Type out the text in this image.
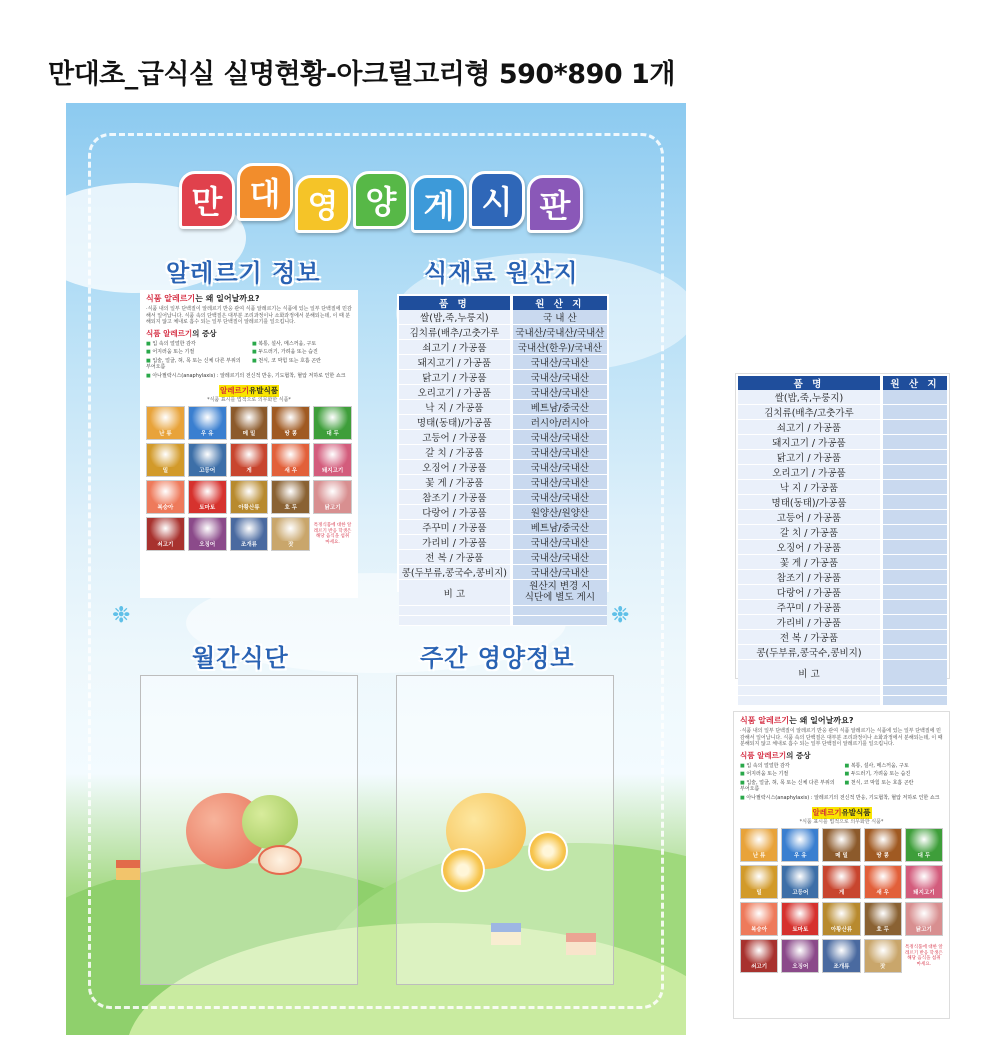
만대초_급식실 실명현황-아크릴고리형 590*890 1개
만 대 영 양 게 시 판
알레르기 정보	식재료 원산지
월간식단	주간 영양정보
❉	❉
식품 알레르기는 왜 일어날까요?
·식품 내의 일부 단백질이 알레르기 반응 관여 식품 알레르기는 식품에 있는 일부 단백질에 민감해서 일어납니다. 식품 속의 단백질은 대부분 조리과정이나 소화과정에서 분해되는데, 이 때 분해되지 않고 체내로 흡수 되는 일부 단백질이 알레르기를 일으킵니다.
식품 알레르기의 증상
■ 입 속의 얼얼한 감각	■ 복통, 설사, 메스꺼움, 구토
■ 어지러움 또는 기절	■ 두드러기, 가려움 또는 습진
■ 입술, 얼굴, 혀, 목 또는 신체 다른 부위의 부어오름
■ 천식, 코 막힘 또는 호흡 곤란
■ 아나필락시스(anaphylaxis) : 알레르기의 전신적 반응, 기도협착, 혈압 저하로 인한 쇼크
알레르기유발식품
*식품 표시를 법적으로 의무화한 식품*
난 류	우 유	메 밀	땅 콩	대 두
밀	고등어	게	새 우	돼지고기
복숭아	토마토	아황산류	호 두	닭고기
쇠고기	오징어	조개류	잣
특정식품에 대한 알레르기 반응 학생은 해당 음식을 섭취 마세요.
품 명	원 산 지
쌀(밥,죽,누룽지)	국 내 산
김치류(배추/고춧가루	국내산/국내산/국내산
쇠고기 / 가공품	국내산(한우)/국내산
돼지고기 / 가공품	국내산/국내산
닭고기 / 가공품	국내산/국내산
오리고기 / 가공품	국내산/국내산
낙 지 / 가공품	베트남/중국산
명태(동태)/가공품	러시아/러시아
고등어 / 가공품	국내산/국내산
갈 치 / 가공품	국내산/국내산
오징어 / 가공품	국내산/국내산
꽃 게 / 가공품	국내산/국내산
참조기 / 가공품	국내산/국내산
다랑어 / 가공품	원양산/원양산
주꾸미 / 가공품	베트남/중국산
가리비 / 가공품	국내산/국내산
전 복 / 가공품	국내산/국내산
콩(두부류,콩국수,콩비지)	국내산/국내산
비 고	원산지 변경 시
식단에 별도 게시

품 명	원 산 지
쌀(밥,죽,누룽지)	
김치류(배추/고춧가루	
쇠고기 / 가공품	
돼지고기 / 가공품	
닭고기 / 가공품	
오리고기 / 가공품	
낙 지 / 가공품	
명태(동태)/가공품	
고등어 / 가공품	
갈 치 / 가공품	
오징어 / 가공품	
꽃 게 / 가공품	
참조기 / 가공품	
다랑어 / 가공품	
주꾸미 / 가공품	
가리비 / 가공품	
전 복 / 가공품	
콩(두부류,콩국수,콩비지)	
비 고	

식품 알레르기는 왜 일어날까요?
·식품 내의 일부 단백질이 알레르기 반응 관여 식품 알레르기는 식품에 있는 일부 단백질에 민감해서 일어납니다. 식품 속의 단백질은 대부분 조리과정이나 소화과정에서 분해되는데, 이 때 분해되지 않고 체내로 흡수 되는 일부 단백질이 알레르기를 일으킵니다.
식품 알레르기의 증상
■ 입 속의 얼얼한 감각	■ 복통, 설사, 메스꺼움, 구토
■ 어지러움 또는 기절	■ 두드러기, 가려움 또는 습진
■ 입술, 얼굴, 혀, 목 또는 신체 다른 부위의 부어오름
■ 천식, 코 막힘 또는 호흡 곤란
■ 아나필락시스(anaphylaxis) : 알레르기의 전신적 반응, 기도협착, 혈압 저하로 인한 쇼크
알레르기유발식품
*식품 표시를 법적으로 의무화한 식품*
난 류	우 유	메 밀	땅 콩	대 두
밀	고등어	게	새 우	돼지고기
복숭아	토마토	아황산류	호 두	닭고기
쇠고기	오징어	조개류	잣
특정식품에 대한 알레르기 반응 학생은 해당 음식을 섭취 마세요.
